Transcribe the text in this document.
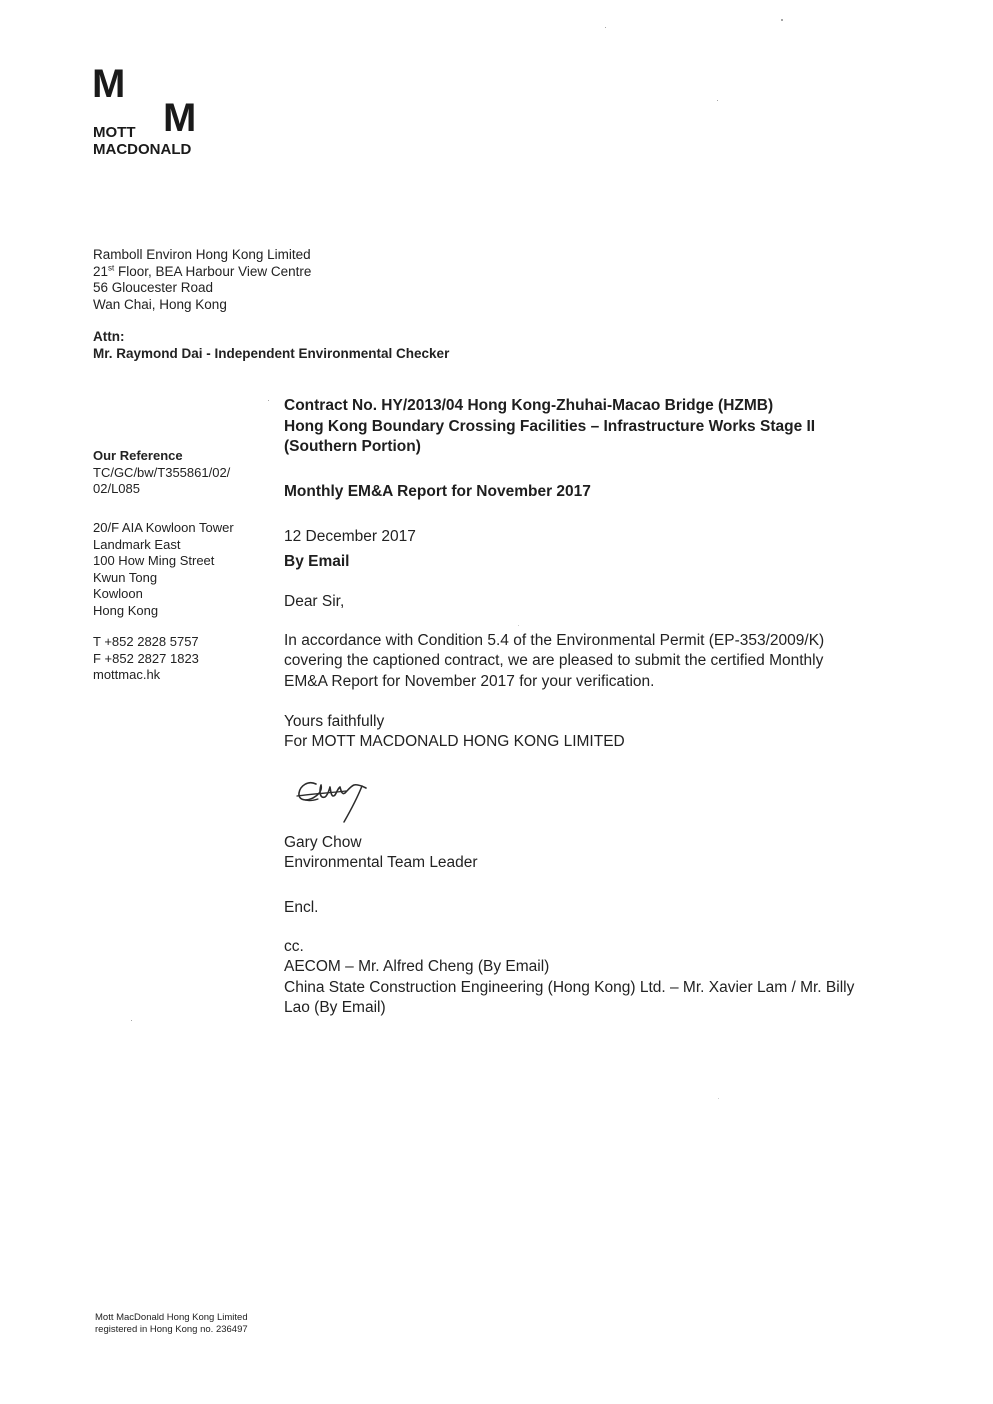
M
M
MOTT
MACDONALD
Ramboll Environ Hong Kong Limited
21st Floor, BEA Harbour View Centre
56 Gloucester Road
Wan Chai, Hong Kong
Attn:
Mr. Raymond Dai - Independent Environmental Checker
Our Reference
TC/GC/bw/T355861/02/
02/L085
20/F AIA Kowloon Tower
Landmark East
100 How Ming Street
Kwun Tong
Kowloon
Hong Kong
T +852 2828 5757
F +852 2827 1823
mottmac.hk
Contract No. HY/2013/04 Hong Kong-Zhuhai-Macao Bridge (HZMB)
Hong Kong Boundary Crossing Facilities – Infrastructure Works Stage II
(Southern Portion)
Monthly EM&A Report for November 2017
12 December 2017
By Email
Dear Sir,
In accordance with Condition 5.4 of the Environmental Permit (EP-353/2009/K)
covering the captioned contract, we are pleased to submit the certified Monthly
EM&A Report for November 2017 for your verification.
Yours faithfully
For MOTT MACDONALD HONG KONG LIMITED
Gary Chow
Environmental Team Leader
Encl.
cc.
AECOM – Mr. Alfred Cheng (By Email)
China State Construction Engineering (Hong Kong) Ltd. – Mr. Xavier Lam / Mr. Billy
Lao (By Email)
Mott MacDonald Hong Kong Limited
registered in Hong Kong no. 236497
